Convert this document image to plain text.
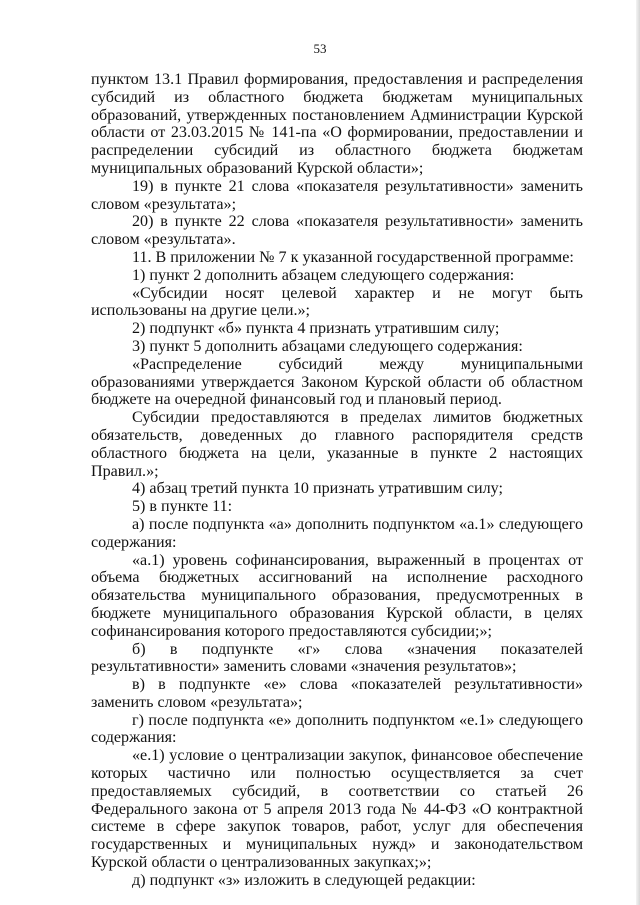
53

пунктом 13.1 Правил формирования, предоставления и распределения субсидий из областного бюджета бюджетам муниципальных образований, утвержденных постановлением Администрации Курской области от 23.03.2015 № 141-па «О формировании, предоставлении и распределении субсидий из областного бюджета бюджетам муниципальных образований Курской области»;

19) в пункте 21 слова «показателя результативности» заменить словом «результата»;

20) в пункте 22 слова «показателя результативности» заменить словом «результата».

11. В приложении № 7 к указанной государственной программе:

1) пункт 2 дополнить абзацем следующего содержания:

«Субсидии носят целевой характер и не могут быть использованы на другие цели.»;

2) подпункт «б» пункта 4 признать утратившим силу;

3) пункт 5 дополнить абзацами следующего содержания:

«Распределение субсидий между муниципальными образованиями утверждается Законом Курской области об областном бюджете на очередной финансовый год и плановый период.

Субсидии предоставляются в пределах лимитов бюджетных обязательств, доведенных до главного распорядителя средств областного бюджета на цели, указанные в пункте 2 настоящих Правил.»;

4) абзац третий пункта 10 признать утратившим силу;

5) в пункте 11:

а) после подпункта «а» дополнить подпунктом «а.1» следующего содержания:

«а.1) уровень софинансирования, выраженный в процентах от объема бюджетных ассигнований на исполнение расходного обязательства муниципального образования, предусмотренных в бюджете муниципального образования Курской области, в целях софинансирования которого предоставляются субсидии;»;

б) в подпункте «г» слова «значения показателей результативности» заменить словами «значения результатов»;

в) в подпункте «е» слова «показателей результативности» заменить словом «результата»;

г) после подпункта «е» дополнить подпунктом «е.1» следующего содержания:

«е.1) условие о централизации закупок, финансовое обеспечение которых частично или полностью осуществляется за счет предоставляемых субсидий, в соответствии со статьей 26 Федерального закона от 5 апреля 2013 года № 44-ФЗ «О контрактной системе в сфере закупок товаров, работ, услуг для обеспечения государственных и муниципальных нужд» и законодательством Курской области о централизованных закупках;»;

д) подпункт «з» изложить в следующей редакции:
